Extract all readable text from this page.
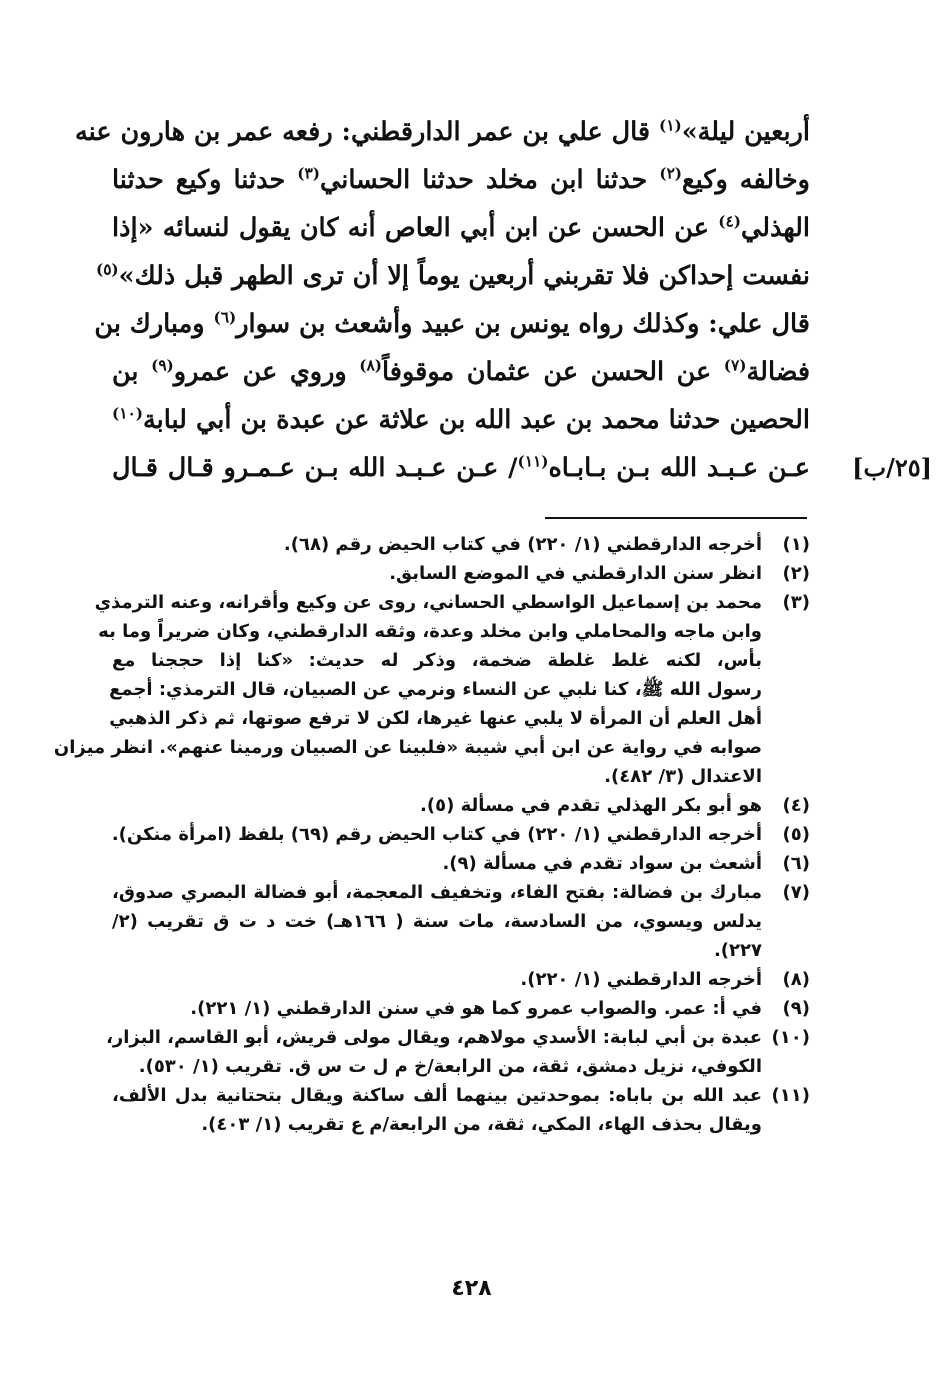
أربعين ليلة»$^{(١)}$ قال علي بن عمر الدارقطني: رفعه عمر بن هارون عنه
وخالفه وكيع$^{(٢)}$ حدثنا ابن مخلد حدثنا الحساني$^{(٣)}$ حدثنا وكيع حدثنا
الهذلي$^{(٤)}$ عن الحسن عن ابن أبي العاص أنه كان يقول لنسائه «إذا
نفست إحداكن فلا تقربني أربعين يوماً إلا أن ترى الطهر قبل ذلك»$^{(٥)}$
قال علي: وكذلك رواه يونس بن عبيد وأشعث بن سوار$^{(٦)}$ ومبارك بن
فضالة$^{(٧)}$ عن الحسن عن عثمان موقوفاً$^{(٨)}$ وروي عن عمرو$^{(٩)}$ بن
الحصين حدثنا محمد بن عبد الله بن علاثة عن عبدة بن أبي لبابة$^{(١٠)}$
عـن عـبـد الله بـن بـابـاه$^{(١١)}$/ عـن عـبـد الله بـن عـمـرو قـال قـال	[٢٥/ب]
(١)
أخرجه الدارقطني (١/ ٢٢٠) في كتاب الحيض رقم (٦٨).
(٢)
انظر سنن الدارقطني في الموضع السابق.
(٣)
محمد بن إسماعيل الواسطي الحساني، روى عن وكيع وأقرانه، وعنه الترمذي
وابن ماجه والمحاملي وابن مخلد وعدة، وثقه الدارقطني، وكان ضريراً وما به
بأس، لكنه غلط غلطة ضخمة، وذكر له حديث: «كنا إذا حججنا مع
رسول الله ﷺ، كنا نلبي عن النساء ونرمي عن الصبيان، قال الترمذي: أجمع
أهل العلم أن المرأة لا يلبي عنها غيرها، لكن لا ترفع صوتها، ثم ذكر الذهبي
صوابه في رواية عن ابن أبي شيبة «فلبينا عن الصبيان ورمينا عنهم». انظر ميزان
الاعتدال (٣/ ٤٨٢).
(٤)
هو أبو بكر الهذلي تقدم في مسألة (٥).
(٥)
أخرجه الدارقطني (١/ ٢٢٠) في كتاب الحيض رقم (٦٩) بلفظ (امرأة منكن).
(٦)
أشعث بن سواد تقدم في مسألة (٩).
(٧)
مبارك بن فضالة: بفتح الفاء، وتخفيف المعجمة، أبو فضالة البصري صدوق،
يدلس ويسوي، من السادسة، مات سنة ( ١٦٦هـ) خت د ت ق تقريب (٢/
٢٢٧).
(٨)
أخرجه الدارقطني (١/ ٢٢٠).
(٩)
في أ: عمر. والصواب عمرو كما هو في سنن الدارقطني (١/ ٢٢١).
(١٠)
عبدة بن أبي لبابة: الأسدي مولاهم، ويقال مولى قريش، أبو القاسم، البزار،
الكوفي، نزيل دمشق، ثقة، من الرابعة/خ م ل ت س ق. تقريب (١/ ٥٣٠).
(١١)
عبد الله بن باباه: بموحدتين بينهما ألف ساكنة ويقال بتحتانية بدل الألف،
ويقال بحذف الهاء، المكي، ثقة، من الرابعة/م ع تقريب (١/ ٤٠٣).
٤٢٨
